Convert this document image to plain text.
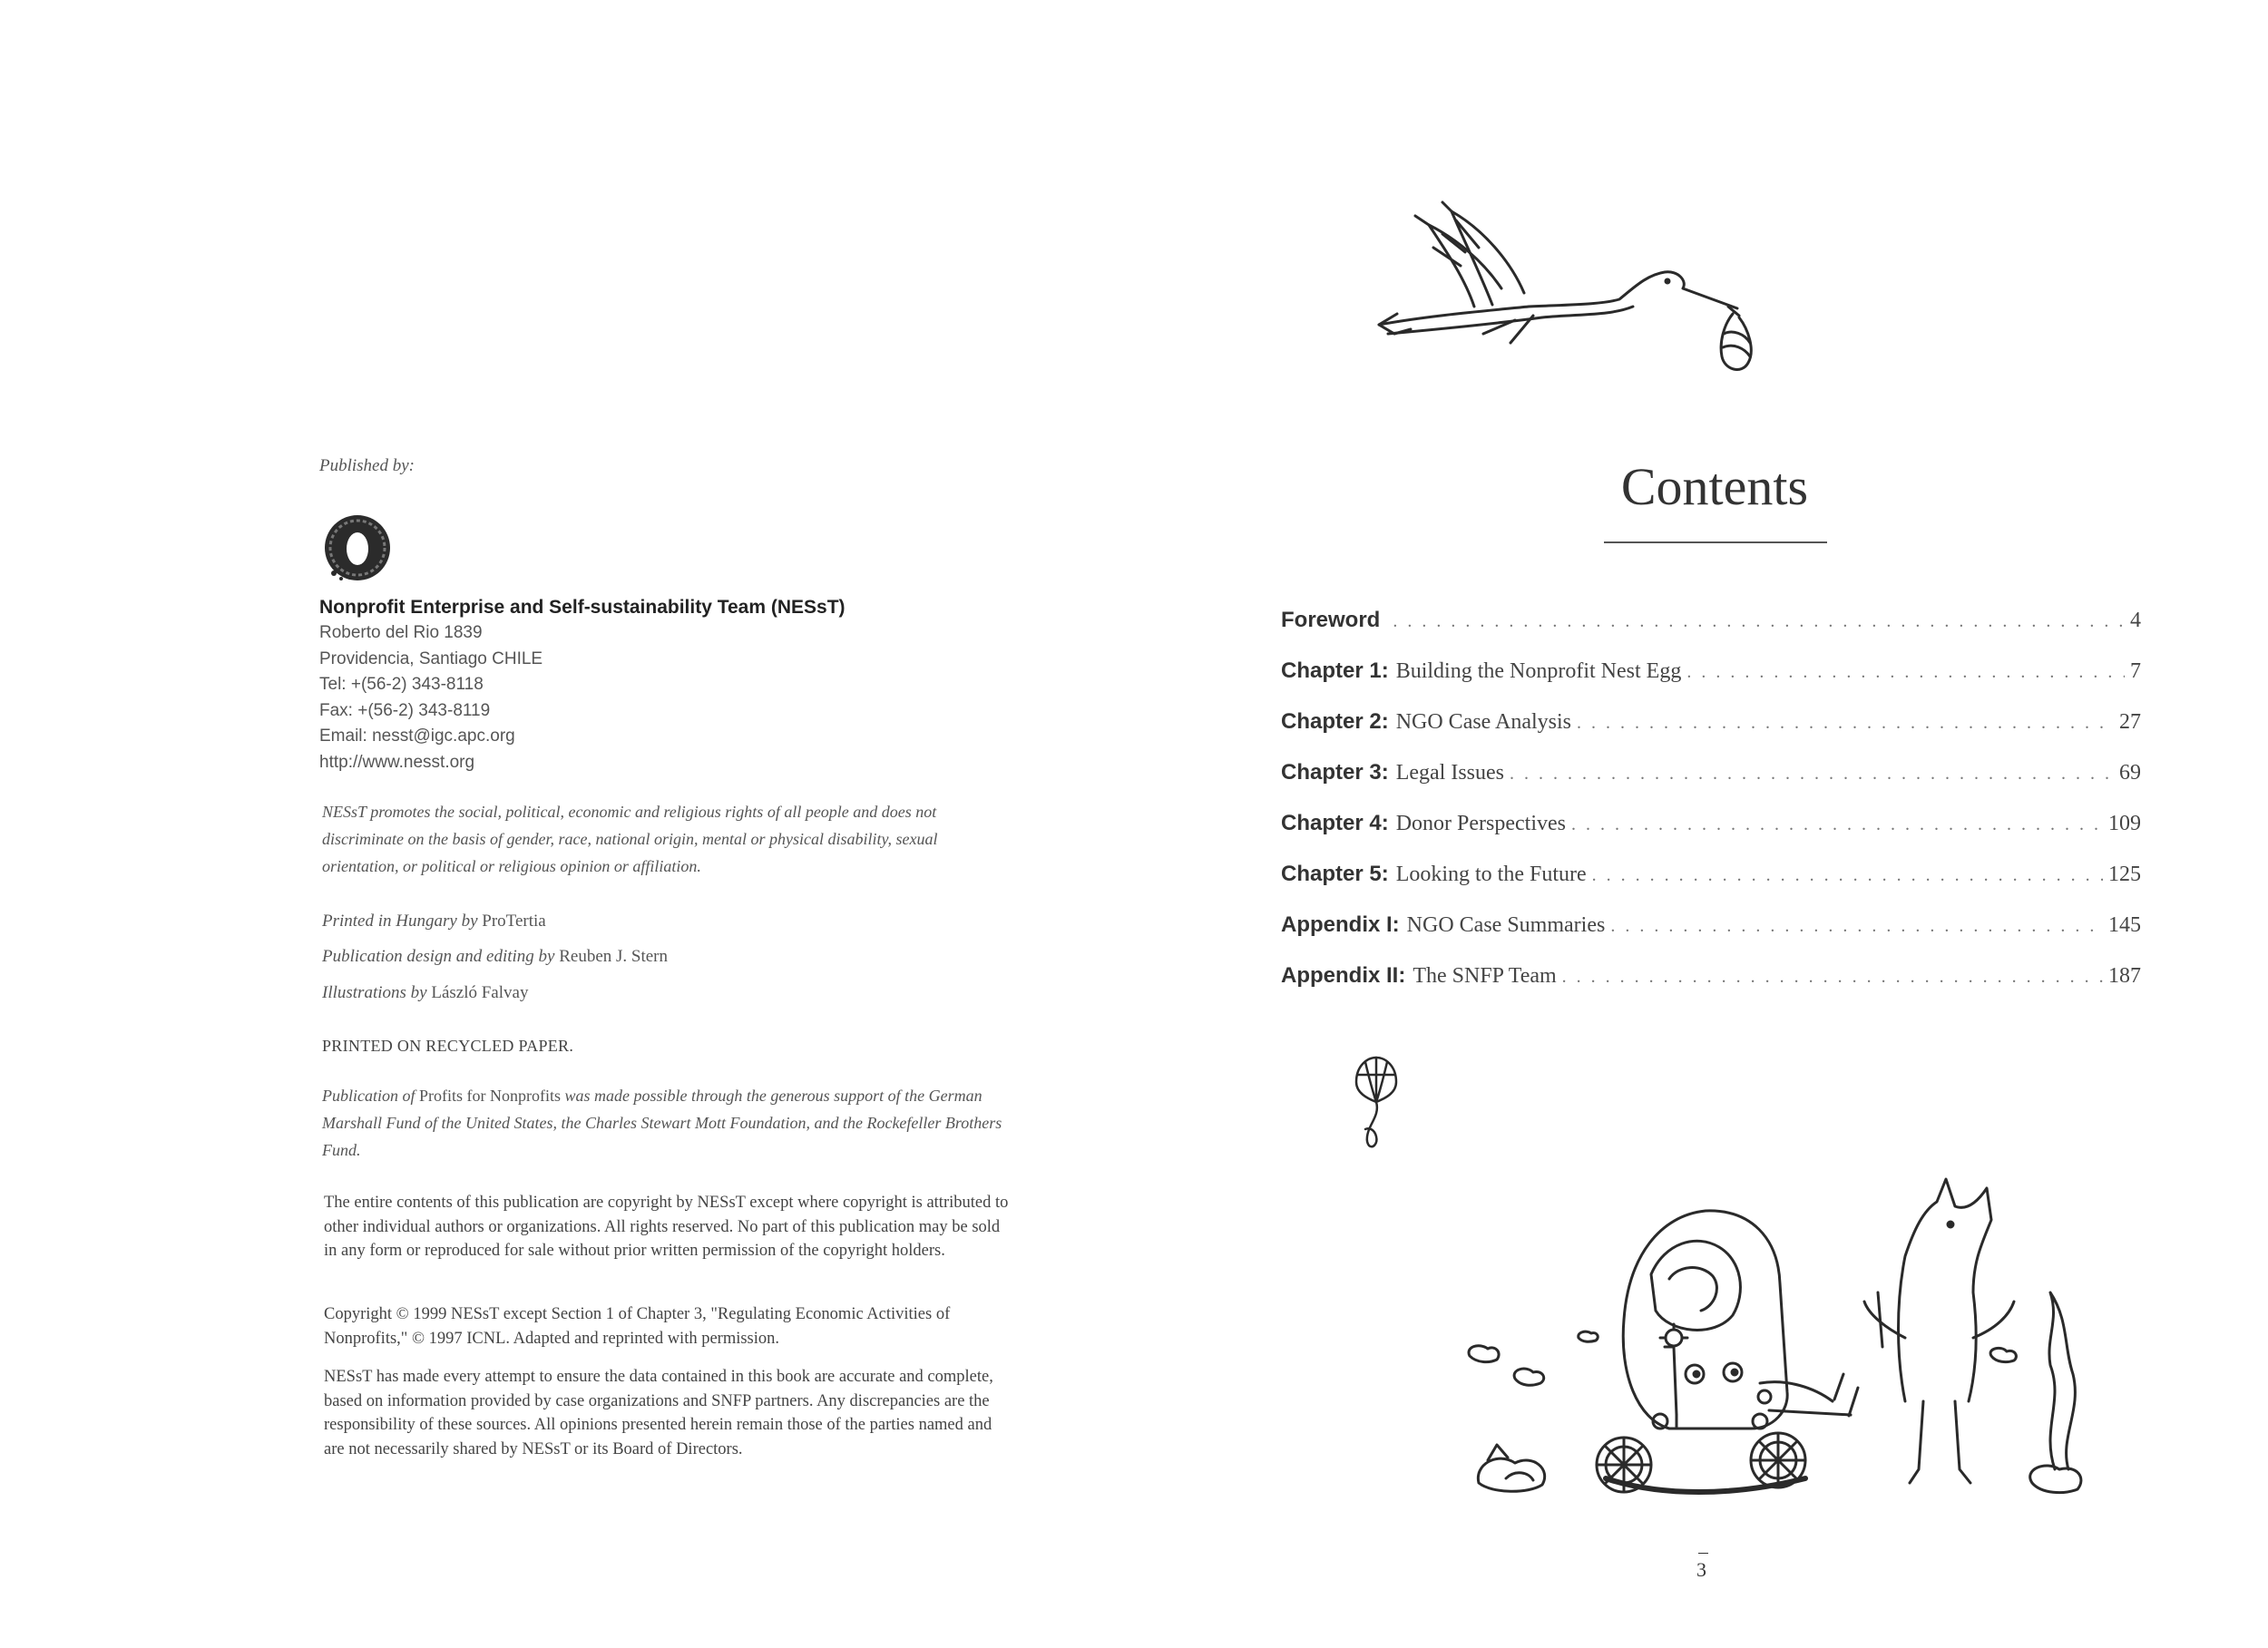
Published by:
Nonprofit Enterprise and Self-sustainability Team (NESsT)
Roberto del Rio 1839
Providencia, Santiago CHILE
Tel: +(56-2) 343-8118
Fax: +(56-2) 343-8119
Email: nesst@igc.apc.org
http://www.nesst.org

NESsT promotes the social, political, economic and religious rights of all people and does not discriminate on the basis of gender, race, national origin, mental or physical disability, sexual orientation, or political or religious opinion or affiliation.

Printed in Hungary by ProTertia
Publication design and editing by Reuben J. Stern
Illustrations by László Falvay
PRINTED ON RECYCLED PAPER.

Publication of Profits for Nonprofits was made possible through the generous support of the German Marshall Fund of the United States, the Charles Stewart Mott Foundation, and the Rockefeller Brothers Fund.

The entire contents of this publication are copyright by NESsT except where copyright is attributed to other individual authors or organizations. All rights reserved. No part of this publication may be sold in any form or reproduced for sale without prior written permission of the copyright holders.

Copyright © 1999 NESsT except Section 1 of Chapter 3, "Regulating Economic Activities of Nonprofits," © 1997 ICNL. Adapted and reprinted with permission.

NESsT has made every attempt to ensure the data contained in this book are accurate and complete, based on information provided by case organizations and SNFP partners. Any discrepancies are the responsibility of these sources. All opinions presented herein remain those of the parties named and are not necessarily shared by NESsT or its Board of Directors.

Contents
Foreword . . .	4
Chapter 1: Building the Nonprofit Nest Egg . . .	7
Chapter 2: NGO Case Analysis . . .	27
Chapter 3: Legal Issues . . .	69
Chapter 4: Donor Perspectives . . .	109
Chapter 5: Looking to the Future . . .	125
Appendix I: NGO Case Summaries . . .	145
Appendix II: The SNFP Team . . .	187
3
